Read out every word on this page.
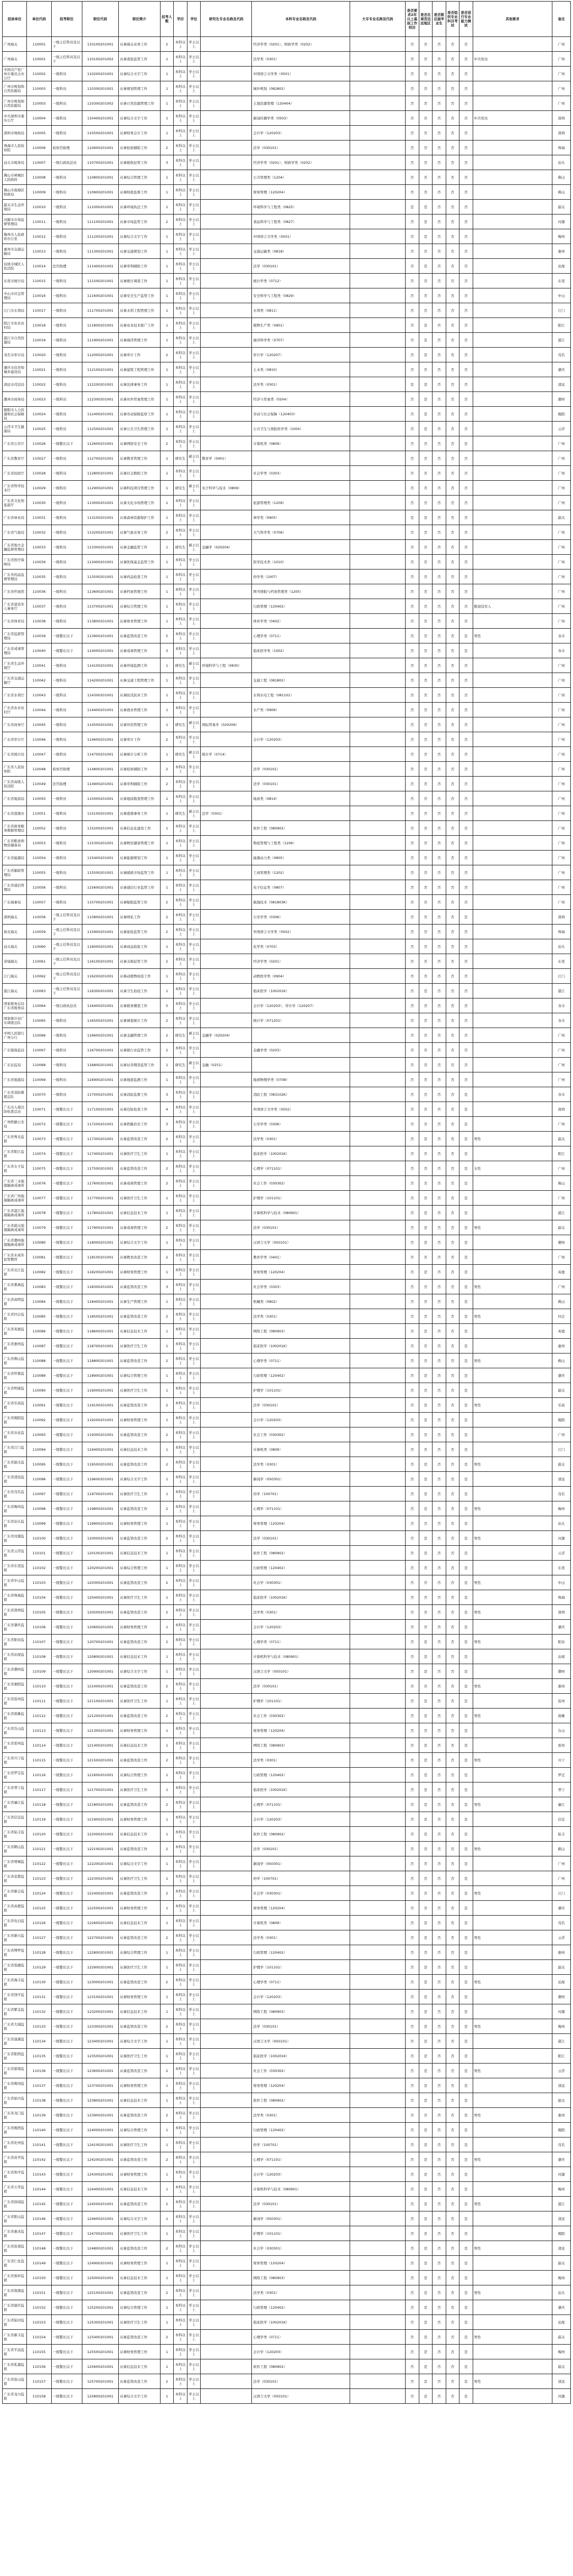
招录单位	单位代码	招考职位	职位代码	职位简介	招考人数	学历	学位	研究生专业名称及代码	本科专业名称及代码	大专专业名称及代码	是否要求2年以上基层工作经历	是否在艰苦边远地区	是否限应届毕业生	是否组织专业科目考试	是否进行专业能力测试	其他要求	备注
广州海关	110001	一级主任科员及以下	110100201001	从事海关业务工作	2	本科以上	学士以上		经济学类（0201）、财政学类（0202）		否	否	否	否	否		广州
广州海关	110001	一级主任科员及以下	110100201002	从事查验监管工作	1	本科以上	学士以上		法学类（0301）		否	否	否	否	否	中共党员	广州
中国共产党广州市委员会办公厅	110002	一级科员	110200201001	从事综合文字工作	1	本科以上	学士以上		中国语言文学类（0501）		否	否	否	否	否		广州
广州市规划和自然资源局	110003	一级科员	110300201001	从事规划管理工作	1	本科以上	学士以上		城乡规划（082802）		否	否	否	否	否		广州
广州市规划和自然资源局	110003	一级科员	110300201002	从事自然资源管理工作	1	本科以上	学士以上		土地资源管理（120404）		否	否	否	否	否		广州
中共深圳市委办公厅	110004	一级科员	110400201001	从事综合文字工作	1	本科以上	学士以上		新闻传播学类（0503）		否	否	否	否	否	中共党员	深圳
深圳市财政局	110005	一级科员	110500201001	从事财务会计工作	1	本科以上	学士以上		会计学（120203）		否	否	否	否	否		深圳
珠海市人民检察院	110006	检察官助理	110600201001	从事检察辅助工作	2	本科以上	学士以上		法学（030101）		否	否	否	否	否		珠海
汕头市税务局	110007	一级行政执法员	110700201001	从事税收征管工作	3	本科以上	学士以上		经济学类（0201）、财政学类（0202）		否	否	否	否	否		汕头
佛山市禅城区人民政府	110008	一级科员	110800201001	从事综合管理工作	1	本科以上	学士以上		公共管理类（1204）		否	否	否	否	否		佛山
佛山市南海区财政局	110009	一级科员	110900201001	从事财政监督工作	1	本科以上	学士以上		财务管理（120204）		否	否	否	否	否		佛山
韶关市生态环境局	110010	一级科员	111000201001	从事环境执法工作	1	本科以上	学士以上		环境科学与工程类（0825）		是	是	否	否	否		韶关
河源市市场监督管理局	110011	一级科员	111100201001	从事市场监管工作	2	本科以上	学士以上		食品科学与工程类（0827）		否	是	否	否	否		河源
梅州市人民政府办公室	110012	一级科员	111200201001	从事综合文字工作	1	本科以上	学士以上		中国语言文学类（0501）		否	是	否	否	否		梅州
惠州市交通运输局	110013	一级科员	111300201001	从事交通规划工作	1	本科以上	学士以上		交通运输类（0818）		否	否	否	否	否		惠州
汕尾市城区人民法院	110014	法官助理	111400201001	从事审判辅助工作	1	本科以上	学士以上		法学（030101）		否	是	否	否	否		汕尾
东莞市统计局	110015	一级科员	111500201001	从事统计调查工作	1	本科以上	学士以上		统计学类（0712）		否	否	否	否	否		东莞
中山市应急管理局	110016	一级科员	111600201001	从事安全生产监管工作	1	本科以上	学士以上		安全科学与工程类（0829）		否	否	否	否	否		中山
江门市水利局	110017	一级科员	111700201001	从事水利工程管理工作	1	本科以上	学士以上		水利类（0811）		否	否	否	否	否		江门
阳江市农业农村局	110018	一级科员	111800201001	从事农业技术推广工作	1	本科以上	学士以上		植物生产类（0901）		否	是	否	否	否		阳江
湛江市自然资源局	110019	一级科员	111900201001	从事海洋管理工作	1	本科以上	学士以上		海洋科学类（0707）		否	是	否	否	否		湛江
茂名市审计局	110020	一级科员	112000201001	从事审计工作	2	本科以上	学士以上		审计学（120207）		否	是	否	否	否		茂名
肇庆市住房和城乡建设局	110021	一级科员	112100201001	从事建筑工程管理工作	1	本科以上	学士以上		土木类（0810）		否	否	否	否	否		肇庆
清远市司法局	110022	一级科员	112200201001	从事法律事务工作	1	本科以上	学士以上		法学类（0301）		是	是	否	否	否		清远
潮州市商务局	110023	一级科员	112300201001	从事对外贸易管理工作	1	本科以上	学士以上		经济与贸易类（0204）		否	是	否	否	否		潮州
揭阳市人力资源和社会保障局	110024	一级科员	112400201001	从事劳动保障监察工作	1	本科以上	学士以上		劳动与社会保障（120403）		否	是	否	否	否		揭阳
云浮市卫生健康局	110025	一级科员	112500201001	从事公共卫生管理工作	1	本科以上	学士以上		公共卫生与预防医学类（1004）		否	是	否	否	否		云浮
广东省公安厅	110026	一级警长以下	112600201001	从事网络安全工作	2	本科以上	学士以上		计算机类（0809）		否	否	否	否	是		广州
广东省教育厅	110027	一级科员	112700201001	从事教育管理工作	1	研究生	硕士以上	教育学（0401）			否	否	否	否	否		广州
广东省民政厅	110028	一级科员	112800201001	从事社会救助工作	1	本科以上	学士以上		社会学类（0303）		否	否	否	否	否		广州
广东省科学技术厅	110029	一级科员	112900201001	从事科技项目管理工作	1	研究生	硕士以上	电子科学与技术（0809）			否	否	否	否	否		广州
广东省文化和旅游厅	110030	一级科员	113000201001	从事文化市场管理工作	1	本科以上	学士以上		旅游管理类（1209）		否	否	否	否	否		广州
广东省林业局	110031	一级科员	113100201001	从事森林资源保护工作	1	本科以上	学士以上		林学类（0905）		是	是	否	否	否		韶关
广东省气象局	110032	一级科员	113200201001	从事气象业务工作	2	本科以上	学士以上		大气科学类（0706）		否	否	否	否	否		广州
广东省地方金融监督管理局	110033	一级科员	113300201001	从事金融监管工作	1	研究生	硕士以上	金融学（020204）			否	否	否	否	否		广州
广东省医疗保障局	110034	一级科员	113400201001	从事医保基金监管工作	1	本科以上	学士以上		医学技术类（1010）		否	否	否	否	否		广州
广东省药品监督管理局	110035	一级科员	113500201001	从事药品检查工作	1	本科以上	学士以上		药学类（1007）		否	否	否	否	否		广州
广东省档案馆	110036	一级科员	113600201001	从事档案管理工作	1	本科以上	学士以上		图书情报与档案管理类（1205）		否	否	否	否	否		广州
广东省退役军人事务厅	110037	一级科员	113700201001	从事综合管理工作	1	本科以上	学士以上		行政管理（120402）		否	否	否	否	否	限退役军人	广州
广东省体育局	110038	一级科员	113800201001	从事体育管理工作	1	本科以上	学士以上		体育学类（0402）		否	否	否	否	否		广州
广东省监狱管理局	110039	一级警长以下	113900201001	从事监管改造工作	5	本科以上	学士以上		心理学类（0711）		否	否	否	否	是	男性	各市
广东省戒毒管理局	110040	一级警长以下	114000201001	从事戒毒管理工作	3	本科以上	学士以上		临床医学类（1002）		否	否	否	否	是		各市
广东省生态环境厅	110041	一级科员	114100201001	从事环境监测工作	1	研究生	硕士以上	环境科学与工程（0830）			否	否	否	否	否		广州
广东省交通运输厅	110042	一级科员	114200201001	从事交通工程管理工作	1	本科以上	学士以上		交通工程（081802）		否	否	否	否	否		广州
广东省水利厅	110043	一级科员	114300201001	从事防汛抗旱工作	1	本科以上	学士以上		水利水电工程（081101）		否	否	否	否	否		广州
广东省农业农村厅	110044	一级科员	114400201001	从事渔业管理工作	1	本科以上	学士以上		水产类（0906）		否	否	否	否	否		广州
广东省商务厅	110045	一级科员	114500201001	从事外资管理工作	1	研究生	硕士以上	国际贸易学（020206）			否	否	否	否	否		广州
广东省审计厅	110046	一级科员	114600201001	从事审计工作	2	本科以上	学士以上		会计学（120203）		否	否	否	否	否		广州
广东省统计局	110047	一级科员	114700201001	从事统计分析工作	1	研究生	硕士以上	统计学（0714）			否	否	否	否	否		广州
广东省人民检察院	110048	检察官助理	114800201001	从事检察辅助工作	2	本科以上	学士以上		法学（030101）		否	否	否	否	否		广州
广东省高级人民法院	110049	法官助理	114900201001	从事审判辅助工作	2	本科以上	学士以上		法学（030101）		否	否	否	否	否		广州
广东省地质局	110050	一级科员	115000201001	从事地质勘查管理工作	1	本科以上	学士以上		地质类（0814）		否	否	否	否	否		广州
广东省港澳办	110051	一级科员	115100201001	从事港澳事务工作	1	研究生	硕士以上	法学（0301）			否	否	否	否	否		广州
广东省政务服务数据管理局	110052	一级科员	115200201001	从事信息化建设工作	1	本科以上	学士以上		软件工程（080902）		否	否	否	否	否		广州
广东省粮食和物资储备局	110053	一级科员	115300201001	从事物资储备管理工作	1	本科以上	学士以上		物流管理与工程类（1206）		否	否	否	否	否		广州
广东省能源局	110054	一级科员	115400201001	从事能源规划工作	1	本科以上	学士以上		能源动力类（0805）		否	否	否	否	否		广州
广东省邮政管理局	110055	一级科员	115500201001	从事邮政市场监管工作	1	本科以上	学士以上		工商管理类（1202）		否	否	否	否	否		广州
广东省通信管理局	110056	一级科员	115600201001	从事通信行业监管工作	1	本科以上	学士以上		电子信息类（0807）		否	否	否	否	否		广州
广东海事局	110057	一级科员	115700201001	从事船舶监管工作	2	本科以上	学士以上		航海技术（081803K）		否	否	否	否	否		广州
深圳海关	110058	一级主任科员及以下	115800201001	从事缉私工作	2	本科以上	学士以上		公安学类（0306）		否	否	否	否	是		深圳
拱北海关	110059	一级主任科员及以下	115900201001	从事旅检监管工作	2	本科以上	学士以上		外国语言文学类（0502）		否	否	否	否	否		珠海
汕头海关	110060	一级主任科员及以下	116000201001	从事商品检验工作	1	本科以上	学士以上		化学类（0703）		否	否	否	否	否		汕头
黄埔海关	110061	一级主任科员及以下	116100201001	从事关税征管工作	2	本科以上	学士以上		经济学类（0201）		否	否	否	否	否		东莞
江门海关	110062	一级主任科员及以下	116200201001	从事动植物检疫工作	1	本科以上	学士以上		动物医学类（0904）		否	否	否	否	否		江门
湛江海关	110063	一级主任科员及以下	116300201001	从事卫生检疫工作	1	本科以上	学士以上		临床医学（100201K）		否	是	否	否	否		湛江
国家税务总局广东省税务局	110064	一级行政执法员	116400201001	从事税务稽查工作	5	本科以上	学士以上		会计学（120203）、审计学（120207）		否	否	否	否	否		各市
国家统计局广东调查总队	110065	一级科员	116500201001	从事调查统计工作	2	本科以上	学士以上		统计学（071201）		否	否	否	否	否		各市
中国人民银行广州分行	110066	一级科员	116600201001	从事金融管理工作	2	研究生	硕士以上	金融学（020204）			否	否	否	否	否		广州
广东银保监局	110067	一级科员	116700201001	从事银行业监管工作	2	本科以上	学士以上		金融学类（0203）		否	否	否	否	否		广州
广东证监局	110068	一级科员	116800201001	从事证券期货监管工作	1	研究生	硕士以上	金融（0251）			否	否	否	否	否		广州
广东省地震局	110069	一级科员	116900201001	从事地震监测工作	1	本科以上	学士以上		地球物理学类（0708）		否	否	否	否	否		广州
广东省消防救援总队	110070	一级科员	117000201001	从事消防监督工作	3	本科以上	学士以上		消防工程（083102K）		否	否	否	否	是		各市
广东出入境边防检查总站	110071	一级警长以下	117100201001	从事边防检查工作	4	本科以上	学士以上		外国语言文学类（0502）		否	否	否	否	是		深圳
广州铁路公安局	110072	一级警长以下	117200201001	从事铁路治安工作	3	本科以上	学士以上		公安学类（0306）		否	否	否	否	是		广州
广东省粤北监狱	110073	一级警长以下	117300201001	从事监管改造工作	2	本科以上	学士以上		法学类（0301）		否	是	否	否	是	男性	韶关
广东省阳江监狱	110074	一级警长以下	117400201001	从事医疗卫生工作	1	本科以上	学士以上		临床医学（100201K）		否	否	否	否	是		阳江
广东省女子监狱	110075	一级警长以下	117500201001	从事监管改造工作	2	本科以上	学士以上		心理学（071101）		否	否	否	否	是	女性	广州
广东省三水强制隔离戒毒所	110076	一级警长以下	117600201001	从事戒毒管理工作	2	本科以上	学士以上		社会工作（030302）		否	否	否	否	是		佛山
广东省广州强制隔离戒毒所	110077	一级警长以下	117700201001	从事医疗卫生工作	1	本科以上	学士以上		护理学（101101）		否	否	否	否	是		广州
广东省湛江强制隔离戒毒所	110078	一级警长以下	117800201001	从事信息技术工作	1	本科以上	学士以上		计算机科学与技术（080901）		否	是	否	否	是		湛江
广东省韶关强制隔离戒毒所	110079	一级警长以下	117900201001	从事戒毒管理工作	2	本科以上	学士以上		法学（030101）		否	是	否	否	是	男性	韶关
广东省潮州强制隔离戒毒所	110080	一级警长以下	118000201001	从事综合文字工作	1	本科以上	学士以上		汉语言文学（050101）		否	是	否	否	是		潮州
广东省未成年犯管教所	110081	一级警长以下	118100201001	从事教育改造工作	2	本科以上	学士以上		教育学类（0401）		否	否	否	否	是		广州
广东省北江监狱	110082	一级警长以下	118200201001	从事财务管理工作	1	本科以上	学士以上		财务管理（120204）		否	是	否	否	是		英德
广东省番禺监狱	110083	一级警长以下	118300201001	从事监管改造工作	3	本科以上	学士以上		社会学类（0303）		否	否	否	否	是	男性	广州
广东省高明监狱	110084	一级警长以下	118400201001	从事生产管理工作	1	本科以上	学士以上		机械类（0802）		否	否	否	否	是		佛山
广东省四会监狱	110085	一级警长以下	118500201001	从事监管改造工作	2	本科以上	学士以上		法学类（0301）		否	否	否	否	是	男性	四会
广东省英德监狱	110086	一级警长以下	118600201001	从事信息技术工作	1	本科以上	学士以上		网络工程（080903）		否	是	否	否	是		英德
广东省惠州监狱	110087	一级警长以下	118700201001	从事医疗卫生工作	1	本科以上	学士以上		临床医学（100201K）		否	否	否	否	是		惠州
广东省佛山监狱	110088	一级警长以下	118800201001	从事监管改造工作	2	本科以上	学士以上		心理学类（0711）		否	否	否	否	是	男性	佛山
广东省怀集监狱	110089	一级警长以下	118900201001	从事综合管理工作	1	本科以上	学士以上		行政管理（120402）		否	是	否	否	是		肇庆
广东省明康监狱	110090	一级警长以下	119000201001	从事医疗卫生工作	1	本科以上	学士以上		护理学（101101）		否	否	否	否	是		韶关
广东省乐昌监狱	110091	一级警长以下	119100201001	从事监管改造工作	2	本科以上	学士以上		法学（030101）		否	是	否	否	是	男性	乐昌
广东省揭阳监狱	110092	一级警长以下	119200201001	从事财务管理工作	1	本科以上	学士以上		会计学（120203）		否	是	否	否	是		揭阳
广东省从化监狱	110093	一级警长以下	119300201001	从事监管改造工作	2	本科以上	学士以上		社会工作（030302）		否	否	否	否	是		广州
广东省江门监狱	110094	一级警长以下	119400201001	从事信息技术工作	1	本科以上	学士以上		计算机类（0809）		否	否	否	否	是		江门
广东省韶关监狱	110095	一级警长以下	119500201001	从事监管改造工作	2	本科以上	学士以上		法学类（0301）		否	是	否	否	是	男性	韶关
广东省清远监狱	110096	一级警长以下	119600201001	从事综合文字工作	1	本科以上	学士以上		新闻学（050301）		否	是	否	否	是		清远
广东省茂名监狱	110097	一级警长以下	119700201001	从事医疗卫生工作	1	本科以上	学士以上		药学（100701）		否	是	否	否	是		茂名
广东省梅州监狱	110098	一级警长以下	119800201001	从事监管改造工作	2	本科以上	学士以上		心理学（071101）		否	是	否	否	是	男性	梅州
广东省汕头监狱	110099	一级警长以下	119900201001	从事财务管理工作	1	本科以上	学士以上		财务管理（120204）		否	否	否	否	是		汕头
广东省河源监狱	110100	一级警长以下	120000201001	从事监管改造工作	2	本科以上	学士以上		法学（030101）		否	是	否	否	是	男性	河源
广东省云浮监狱	110101	一级警长以下	120100201001	从事信息技术工作	1	本科以上	学士以上		软件工程（080902）		否	是	否	否	是		云浮
广东省东莞监狱	110102	一级警长以下	120200201001	从事综合管理工作	1	本科以上	学士以上		行政管理（120402）		否	否	否	否	是		东莞
广东省中山监狱	110103	一级警长以下	120300201001	从事监管改造工作	2	本科以上	学士以上		社会学（030301）		否	否	否	否	是	男性	中山
广东省珠海监狱	110104	一级警长以下	120400201001	从事医疗卫生工作	1	本科以上	学士以上		临床医学（100201K）		否	否	否	否	是		珠海
广东省深圳监狱	110105	一级警长以下	120500201001	从事监管改造工作	2	本科以上	学士以上		法学类（0301）		否	否	否	否	是	男性	深圳
广东省肇庆监狱	110106	一级警长以下	120600201001	从事财务管理工作	1	本科以上	学士以上		会计学（120203）		否	否	否	否	是		肇庆
广东省阳春监狱	110107	一级警长以下	120700201001	从事监管改造工作	2	本科以上	学士以上		心理学类（0711）		否	是	否	否	是	男性	阳春
广东省汕尾监狱	110108	一级警长以下	120800201001	从事信息技术工作	1	本科以上	学士以上		计算机科学与技术（080901）		否	是	否	否	是		汕尾
广东省潮州监狱	110109	一级警长以下	120900201001	从事综合文字工作	1	本科以上	学士以上		汉语言文学（050101）		否	是	否	否	是		潮州
广东省惠阳监狱	110110	一级警长以下	121000201001	从事监管改造工作	2	本科以上	学士以上		法学（030101）		否	否	否	否	是	男性	惠州
广东省连州监狱	110111	一级警长以下	121100201001	从事医疗卫生工作	1	本科以上	学士以上		护理学（101101）		否	是	否	否	是		连州
广东省南雄监狱	110112	一级警长以下	121200201001	从事监管改造工作	2	本科以上	学士以上		社会工作（030302）		否	是	否	否	是	男性	南雄
广东省台山监狱	110113	一级警长以下	121300201001	从事财务管理工作	1	本科以上	学士以上		财务管理（120204）		否	否	否	否	是		台山
广东省雷州监狱	110114	一级警长以下	121400201001	从事信息技术工作	1	本科以上	学士以上		网络工程（080903）		否	是	否	否	是		雷州
广东省兴宁监狱	110115	一级警长以下	121500201001	从事监管改造工作	2	本科以上	学士以上		法学类（0301）		否	是	否	否	是	男性	兴宁
广东省罗定监狱	110116	一级警长以下	121600201001	从事综合管理工作	1	本科以上	学士以上		行政管理（120402）		否	是	否	否	是		罗定
广东省普宁监狱	110117	一级警长以下	121700201001	从事医疗卫生工作	1	本科以上	学士以上		临床医学（100201K）		否	是	否	否	是		普宁
广东省廉江监狱	110118	一级警长以下	121800201001	从事监管改造工作	2	本科以上	学士以上		心理学（071101）		否	是	否	否	是	男性	廉江
广东省信宜监狱	110119	一级警长以下	121900201001	从事财务管理工作	1	本科以上	学士以上		会计学（120203）		否	是	否	否	是		信宜
广东省陆丰监狱	110120	一级警长以下	122000201001	从事信息技术工作	1	本科以上	学士以上		软件工程（080902）		否	是	否	否	是		陆丰
广东省鹤山监狱	110121	一级警长以下	122100201001	从事监管改造工作	2	本科以上	学士以上		法学（030101）		否	否	否	否	是	男性	鹤山
广东省增城监狱	110122	一级警长以下	122200201001	从事综合文字工作	1	本科以上	学士以上		新闻学（050301）		否	否	否	否	是		广州
广东省花都监狱	110123	一级警长以下	122300201001	从事医疗卫生工作	1	本科以上	学士以上		药学（100701）		否	否	否	否	是		广州
广东省新会监狱	110124	一级警长以下	122400201001	从事监管改造工作	2	本科以上	学士以上		社会学（030301）		否	否	否	否	是	男性	江门
广东省高要监狱	110125	一级警长以下	122500201001	从事财务管理工作	1	本科以上	学士以上		财务管理（120204）		否	否	否	否	是		肇庆
广东省电白监狱	110126	一级警长以下	122600201001	从事信息技术工作	1	本科以上	学士以上		计算机类（0809）		否	是	否	否	是		茂名
广东省新兴监狱	110127	一级警长以下	122700201001	从事监管改造工作	2	本科以上	学士以上		法学类（0301）		否	是	否	否	是	男性	云浮
广东省博罗监狱	110128	一级警长以下	122800201001	从事综合管理工作	1	本科以上	学士以上		行政管理（120402）		否	否	否	否	是		惠州
广东省翁源监狱	110129	一级警长以下	122900201001	从事医疗卫生工作	1	本科以上	学士以上		护理学（101101）		否	是	否	否	是		韶关
广东省海丰监狱	110130	一级警长以下	123000201001	从事监管改造工作	2	本科以上	学士以上		心理学类（0711）		否	是	否	否	是	男性	汕尾
广东省饶平监狱	110131	一级警长以下	123100201001	从事财务管理工作	1	本科以上	学士以上		会计学（120203）		否	是	否	否	是		潮州
广东省紫金监狱	110132	一级警长以下	123200201001	从事信息技术工作	1	本科以上	学士以上		网络工程（080903）		否	是	否	否	是		河源
广东省大埔监狱	110133	一级警长以下	123300201001	从事监管改造工作	2	本科以上	学士以上		法学（030101）		否	是	否	否	是	男性	梅州
广东省遂溪监狱	110134	一级警长以下	123400201001	从事综合文字工作	1	本科以上	学士以上		汉语言文学（050101）		否	是	否	否	是		湛江
广东省阳西监狱	110135	一级警长以下	123500201001	从事医疗卫生工作	1	本科以上	学士以上		临床医学（100201K）		否	是	否	否	是		阳江
广东省郁南监狱	110136	一级警长以下	123600201001	从事监管改造工作	2	本科以上	学士以上		社会工作（030302）		否	是	否	否	是	男性	云浮
广东省佛冈监狱	110137	一级警长以下	123700201001	从事财务管理工作	1	本科以上	学士以上		财务管理（120204）		否	是	否	否	是		清远
广东省始兴监狱	110138	一级警长以下	123800201001	从事信息技术工作	1	本科以上	学士以上		软件工程（080902）		否	是	否	否	是		韶关
广东省龙门监狱	110139	一级警长以下	123900201001	从事监管改造工作	2	本科以上	学士以上		法学类（0301）		否	否	否	否	是	男性	惠州
广东省揭西监狱	110140	一级警长以下	124000201001	从事综合管理工作	1	本科以上	学士以上		行政管理（120402）		否	是	否	否	是		揭阳
广东省化州监狱	110141	一级警长以下	124100201001	从事医疗卫生工作	1	本科以上	学士以上		药学（100701）		否	是	否	否	是		茂名
广东省封开监狱	110142	一级警长以下	124200201001	从事监管改造工作	2	本科以上	学士以上		心理学（071101）		否	是	否	否	是	男性	肇庆
广东省和平监狱	110143	一级警长以下	124300201001	从事财务管理工作	1	本科以上	学士以上		会计学（120203）		否	是	否	否	是		河源
广东省五华监狱	110144	一级警长以下	124400201001	从事信息技术工作	1	本科以上	学士以上		计算机科学与技术（080901）		否	是	否	否	是		梅州
广东省徐闻监狱	110145	一级警长以下	124500201001	从事监管改造工作	2	本科以上	学士以上		法学（030101）		否	是	否	否	是	男性	湛江
广东省阳山监狱	110146	一级警长以下	124600201001	从事综合文字工作	1	本科以上	学士以上		新闻学（050301）		否	是	否	否	是		清远
广东省惠来监狱	110147	一级警长以下	124700201001	从事医疗卫生工作	1	本科以上	学士以上		护理学（101101）		否	是	否	否	是		揭阳
广东省连南监狱	110148	一级警长以下	124800201001	从事监管改造工作	2	本科以上	学士以上		社会学（030301）		否	是	否	否	是	男性	清远
广东省仁化监狱	110149	一级警长以下	124900201001	从事财务管理工作	1	本科以上	学士以上		财务管理（120204）		否	是	否	否	是		韶关
广东省蕉岭监狱	110150	一级警长以下	125000201001	从事信息技术工作	1	本科以上	学士以上		网络工程（080903）		否	是	否	否	是		梅州
广东省南澳监狱	110151	一级警长以下	125100201001	从事监管改造工作	2	本科以上	学士以上		法学类（0301）		否	是	否	否	是	男性	汕头
广东省德庆监狱	110152	一级警长以下	125200201001	从事综合管理工作	1	本科以上	学士以上		行政管理（120402）		否	是	否	否	是		肇庆
广东省陆河监狱	110153	一级警长以下	125300201001	从事医疗卫生工作	1	本科以上	学士以上		临床医学（100201K）		否	是	否	否	是		汕尾
广东省新丰监狱	110154	一级警长以下	125400201001	从事监管改造工作	2	本科以上	学士以上		心理学类（0711）		否	是	否	否	是	男性	韶关
广东省平远监狱	110155	一级警长以下	125500201001	从事财务管理工作	1	本科以上	学士以上		会计学（120203）		否	是	否	否	是		梅州
广东省乳源监狱	110156	一级警长以下	125600201001	从事信息技术工作	1	本科以上	学士以上		软件工程（080902）		否	是	否	否	是		韶关
广东省连山监狱	110157	一级警长以下	125700201001	从事监管改造工作	2	本科以上	学士以上		法学（030101）		否	是	否	否	是	男性	清远
广东省龙川监狱	110158	一级警长以下	125800201001	从事综合文字工作	1	本科以上	学士以上		汉语言文学（050101）		否	是	否	否	是		河源
